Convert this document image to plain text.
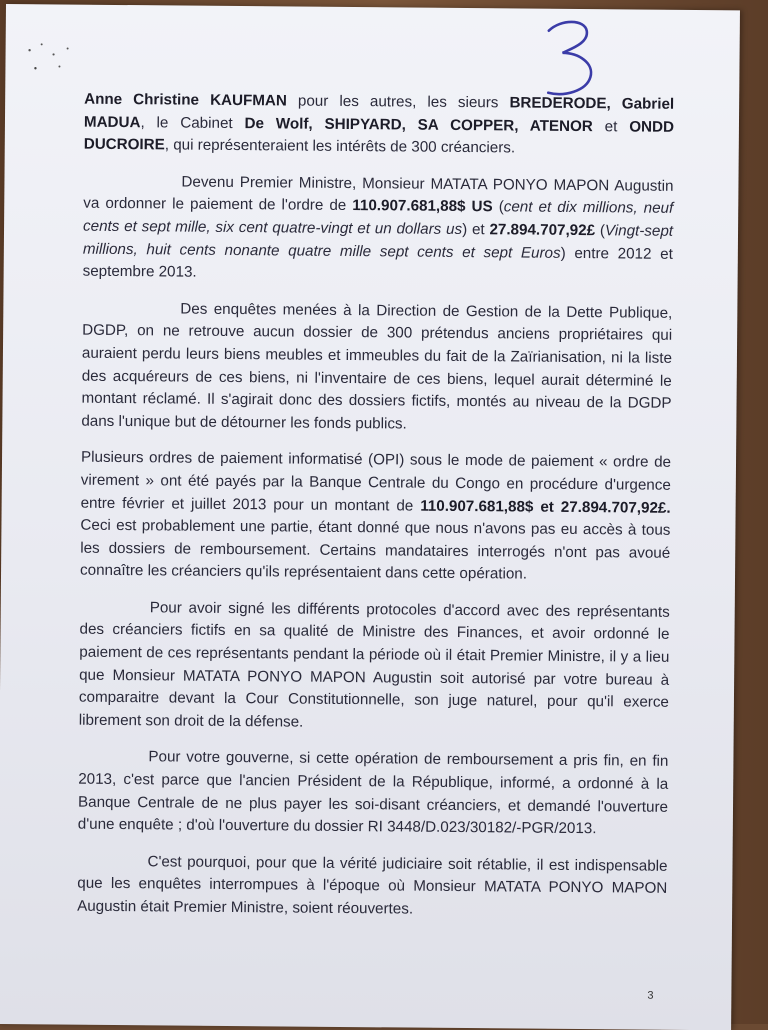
Anne Christine KAUFMAN pour les autres, les sieurs BREDERODE, Gabriel MADUA, le Cabinet De Wolf, SHIPYARD, SA COPPER, ATENOR et ONDD DUCROIRE, qui représenteraient les intérêts de 300 créanciers.

Devenu Premier Ministre, Monsieur MATATA PONYO MAPON Augustin va ordonner le paiement de l'ordre de 110.907.681,88$ US (cent et dix millions, neuf cents et sept mille, six cent quatre-vingt et un dollars us) et 27.894.707,92£ (Vingt-sept millions, huit cents nonante quatre mille sept cents et sept Euros) entre 2012 et septembre 2013.

Des enquêtes menées à la Direction de Gestion de la Dette Publique, DGDP, on ne retrouve aucun dossier de 300 prétendus anciens propriétaires qui auraient perdu leurs biens meubles et immeubles du fait de la Zaïrianisation, ni la liste des acquéreurs de ces biens, ni l'inventaire de ces biens, lequel aurait déterminé le montant réclamé. Il s'agirait donc des dossiers fictifs, montés au niveau de la DGDP dans l'unique but de détourner les fonds publics.

Plusieurs ordres de paiement informatisé (OPI) sous le mode de paiement « ordre de virement » ont été payés par la Banque Centrale du Congo en procédure d'urgence entre février et juillet 2013 pour un montant de 110.907.681,88$ et 27.894.707,92£. Ceci est probablement une partie, étant donné que nous n'avons pas eu accès à tous les dossiers de remboursement. Certains mandataires interrogés n'ont pas avoué connaître les créanciers qu'ils représentaient dans cette opération.

Pour avoir signé les différents protocoles d'accord avec des représentants des créanciers fictifs en sa qualité de Ministre des Finances, et avoir ordonné le paiement de ces représentants pendant la période où il était Premier Ministre, il y a lieu que Monsieur MATATA PONYO MAPON Augustin soit autorisé par votre bureau à comparaitre devant la Cour Constitutionnelle, son juge naturel, pour qu'il exerce librement son droit de la défense.

Pour votre gouverne, si cette opération de remboursement a pris fin, en fin 2013, c'est parce que l'ancien Président de la République, informé, a ordonné à la Banque Centrale de ne plus payer les soi-disant créanciers, et demandé l'ouverture d'une enquête ; d'où l'ouverture du dossier RI 3448/D.023/30182/-PGR/2013.

C'est pourquoi, pour que la vérité judiciaire soit rétablie, il est indispensable que les enquêtes interrompues à l'époque où Monsieur MATATA PONYO MAPON Augustin était Premier Ministre, soient réouvertes.

3
